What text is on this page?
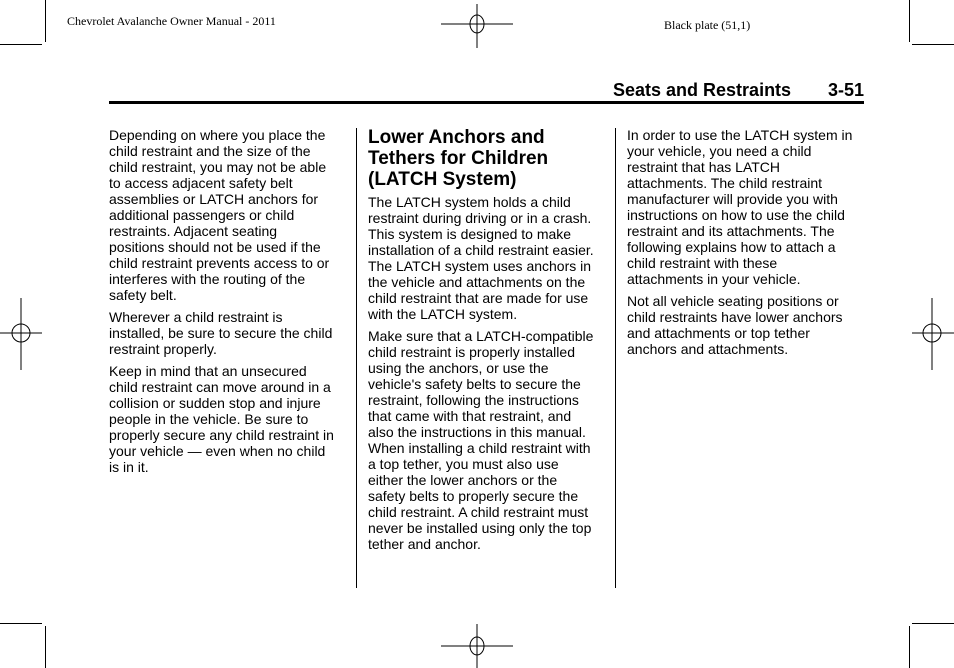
Chevrolet Avalanche Owner Manual - 2011	Black plate (51,1)
Seats and Restraints 3-51

Depending on where you place the
child restraint and the size of the
child restraint, you may not be able
to access adjacent safety belt
assemblies or LATCH anchors for
additional passengers or child
restraints. Adjacent seating
positions should not be used if the
child restraint prevents access to or
interferes with the routing of the
safety belt.

Wherever a child restraint is
installed, be sure to secure the child
restraint properly.

Keep in mind that an unsecured
child restraint can move around in a
collision or sudden stop and injure
people in the vehicle. Be sure to
properly secure any child restraint in
your vehicle — even when no child
is in it.

Lower Anchors and
Tethers for Children
(LATCH System)

The LATCH system holds a child
restraint during driving or in a crash.
This system is designed to make
installation of a child restraint easier.
The LATCH system uses anchors in
the vehicle and attachments on the
child restraint that are made for use
with the LATCH system.

Make sure that a LATCH-compatible
child restraint is properly installed
using the anchors, or use the
vehicle's safety belts to secure the
restraint, following the instructions
that came with that restraint, and
also the instructions in this manual.
When installing a child restraint with
a top tether, you must also use
either the lower anchors or the
safety belts to properly secure the
child restraint. A child restraint must
never be installed using only the top
tether and anchor.

In order to use the LATCH system in
your vehicle, you need a child
restraint that has LATCH
attachments. The child restraint
manufacturer will provide you with
instructions on how to use the child
restraint and its attachments. The
following explains how to attach a
child restraint with these
attachments in your vehicle.

Not all vehicle seating positions or
child restraints have lower anchors
and attachments or top tether
anchors and attachments.
